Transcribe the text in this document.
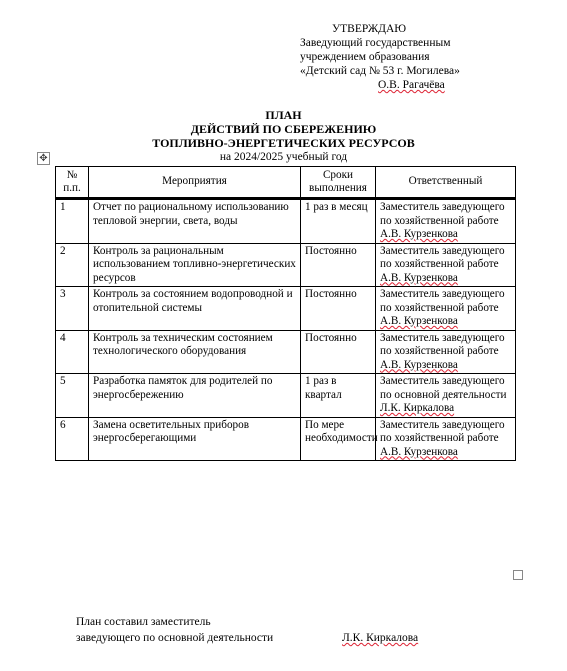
УТВЕРЖДАЮ
Заведующий государственным
учреждением образования
«Детский сад № 53 г. Могилева»
О.В. Рагачёва
ПЛАН
ДЕЙСТВИЙ ПО СБЕРЕЖЕНИЮ
ТОПЛИВНО-ЭНЕРГЕТИЧЕСКИХ РЕСУРСОВ
на 2024/2025 учебный год
✥
№ п.п.	Мероприятия	Сроки выполнения	Ответственный

1	Отчет по рациональному использованию тепловой энергии, света, воды	1 раз в месяц	Заместитель заведующего по хозяйственной работе
А.В. Курзенкова
2	Контроль за рациональным использованием топливно-энергетических ресурсов	Постоянно	Заместитель заведующего по хозяйственной работе
А.В. Курзенкова
3	Контроль за состоянием водопроводной и отопительной системы	Постоянно	Заместитель заведующего по хозяйственной работе
А.В. Курзенкова
4	Контроль за техническим состоянием технологического оборудования	Постоянно	Заместитель заведующего по хозяйственной работе
А.В. Курзенкова
5	Разработка памяток для родителей по энергосбережению	1 раз в квартал	Заместитель заведующего по основной деятельности
Л.К. Киркалова
6	Замена осветительных приборов энергосберегающими	По мере необходимости	Заместитель заведующего по хозяйственной работе
А.В. Курзенкова
План составил заместитель
заведующего по основной деятельности	Л.К. Киркалова
